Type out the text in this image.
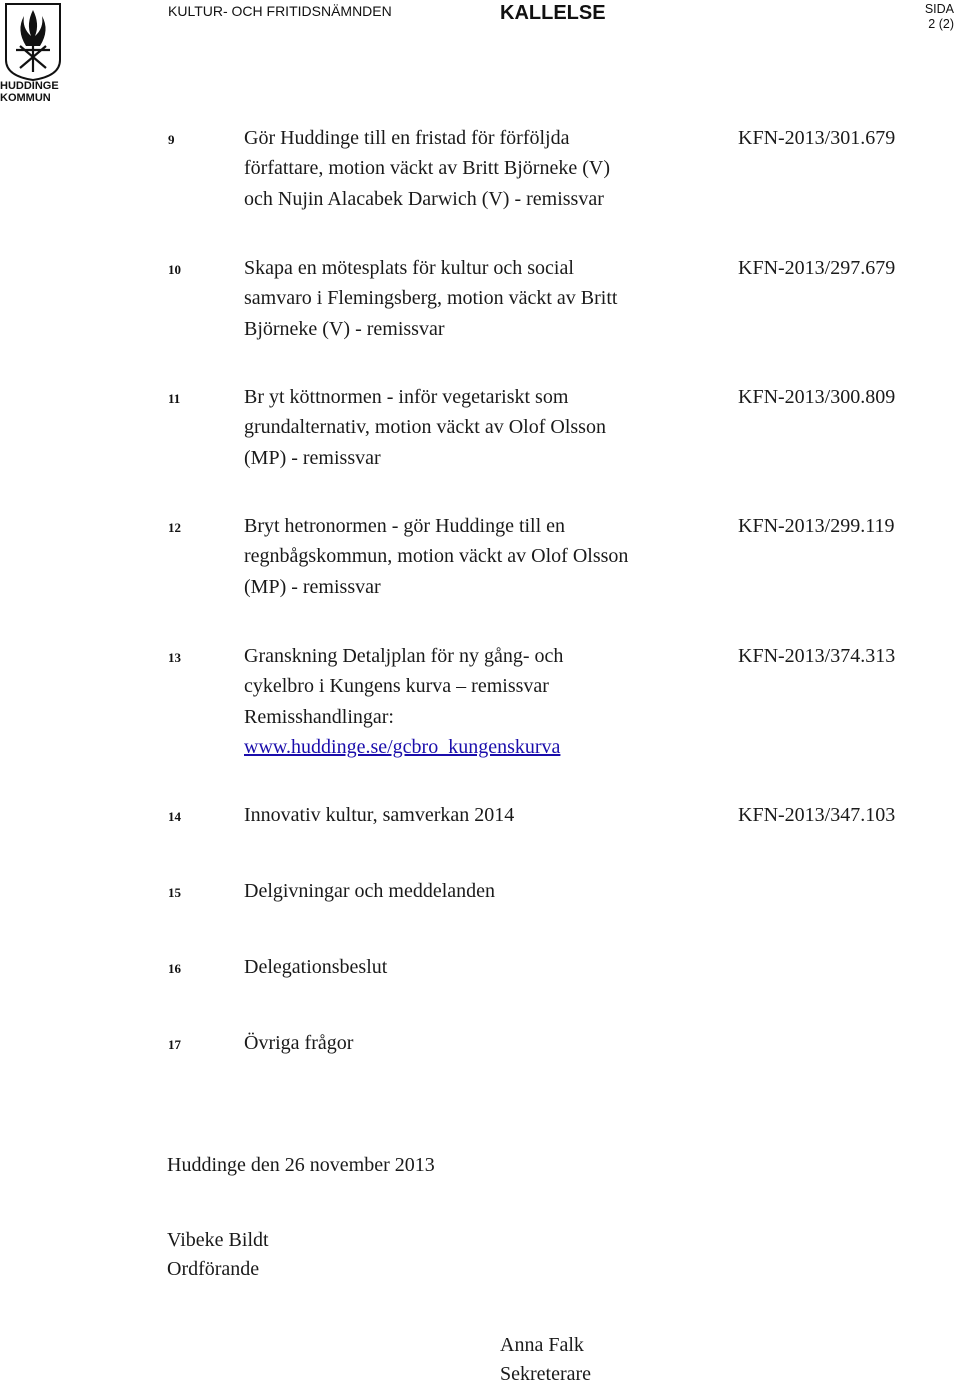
HUDDINGE
KOMMUN
KULTUR- OCH FRITIDSNÄMNDEN	KALLELSE	SIDA
2 (2)
9	Gör Huddinge till en fristad för förföljda
författare, motion väckt av Britt Björneke (V)
och Nujin Alacabek Darwich (V) - remissvar
KFN-2013/301.679
10	Skapa en mötesplats för kultur och social
samvaro i Flemingsberg, motion väckt av Britt
Björneke (V) - remissvar
KFN-2013/297.679
11	Br yt köttnormen - inför vegetariskt som
grundalternativ, motion väckt av Olof Olsson
(MP) - remissvar
KFN-2013/300.809
12	Bryt hetronormen - gör Huddinge till en
regnbågskommun, motion väckt av Olof Olsson
(MP) - remissvar
KFN-2013/299.119
13	Granskning Detaljplan för ny gång- och
cykelbro i Kungens kurva – remissvar
Remisshandlingar:
www.huddinge.se/gcbro_kungenskurva
KFN-2013/374.313
14	Innovativ kultur, samverkan 2014	KFN-2013/347.103
15	Delgivningar och meddelanden
16	Delegationsbeslut
17	Övriga frågor
Huddinge den 26 november 2013
Vibeke Bildt
Ordförande
Anna Falk
Sekreterare
